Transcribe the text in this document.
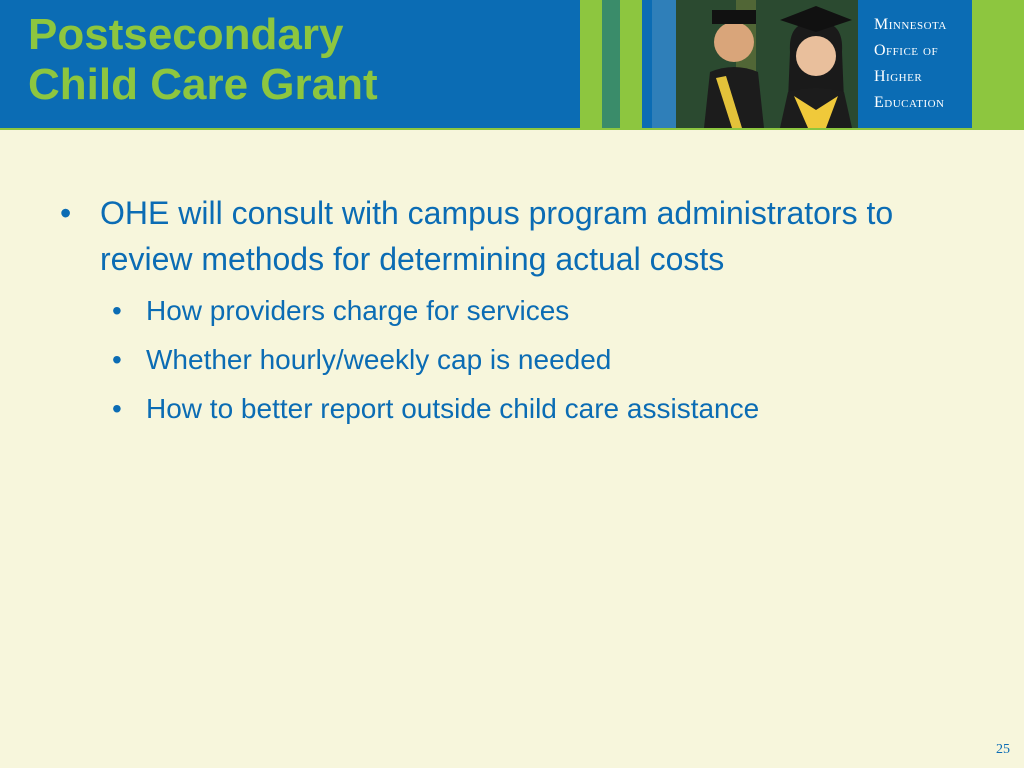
Postsecondary
Child Care Grant
Minnesota
Office of
Higher
Education
• OHE will consult with campus program administrators to review methods for determining actual costs
• How providers charge for services
• Whether hourly/weekly cap is needed
• How to better report outside child care assistance
25
